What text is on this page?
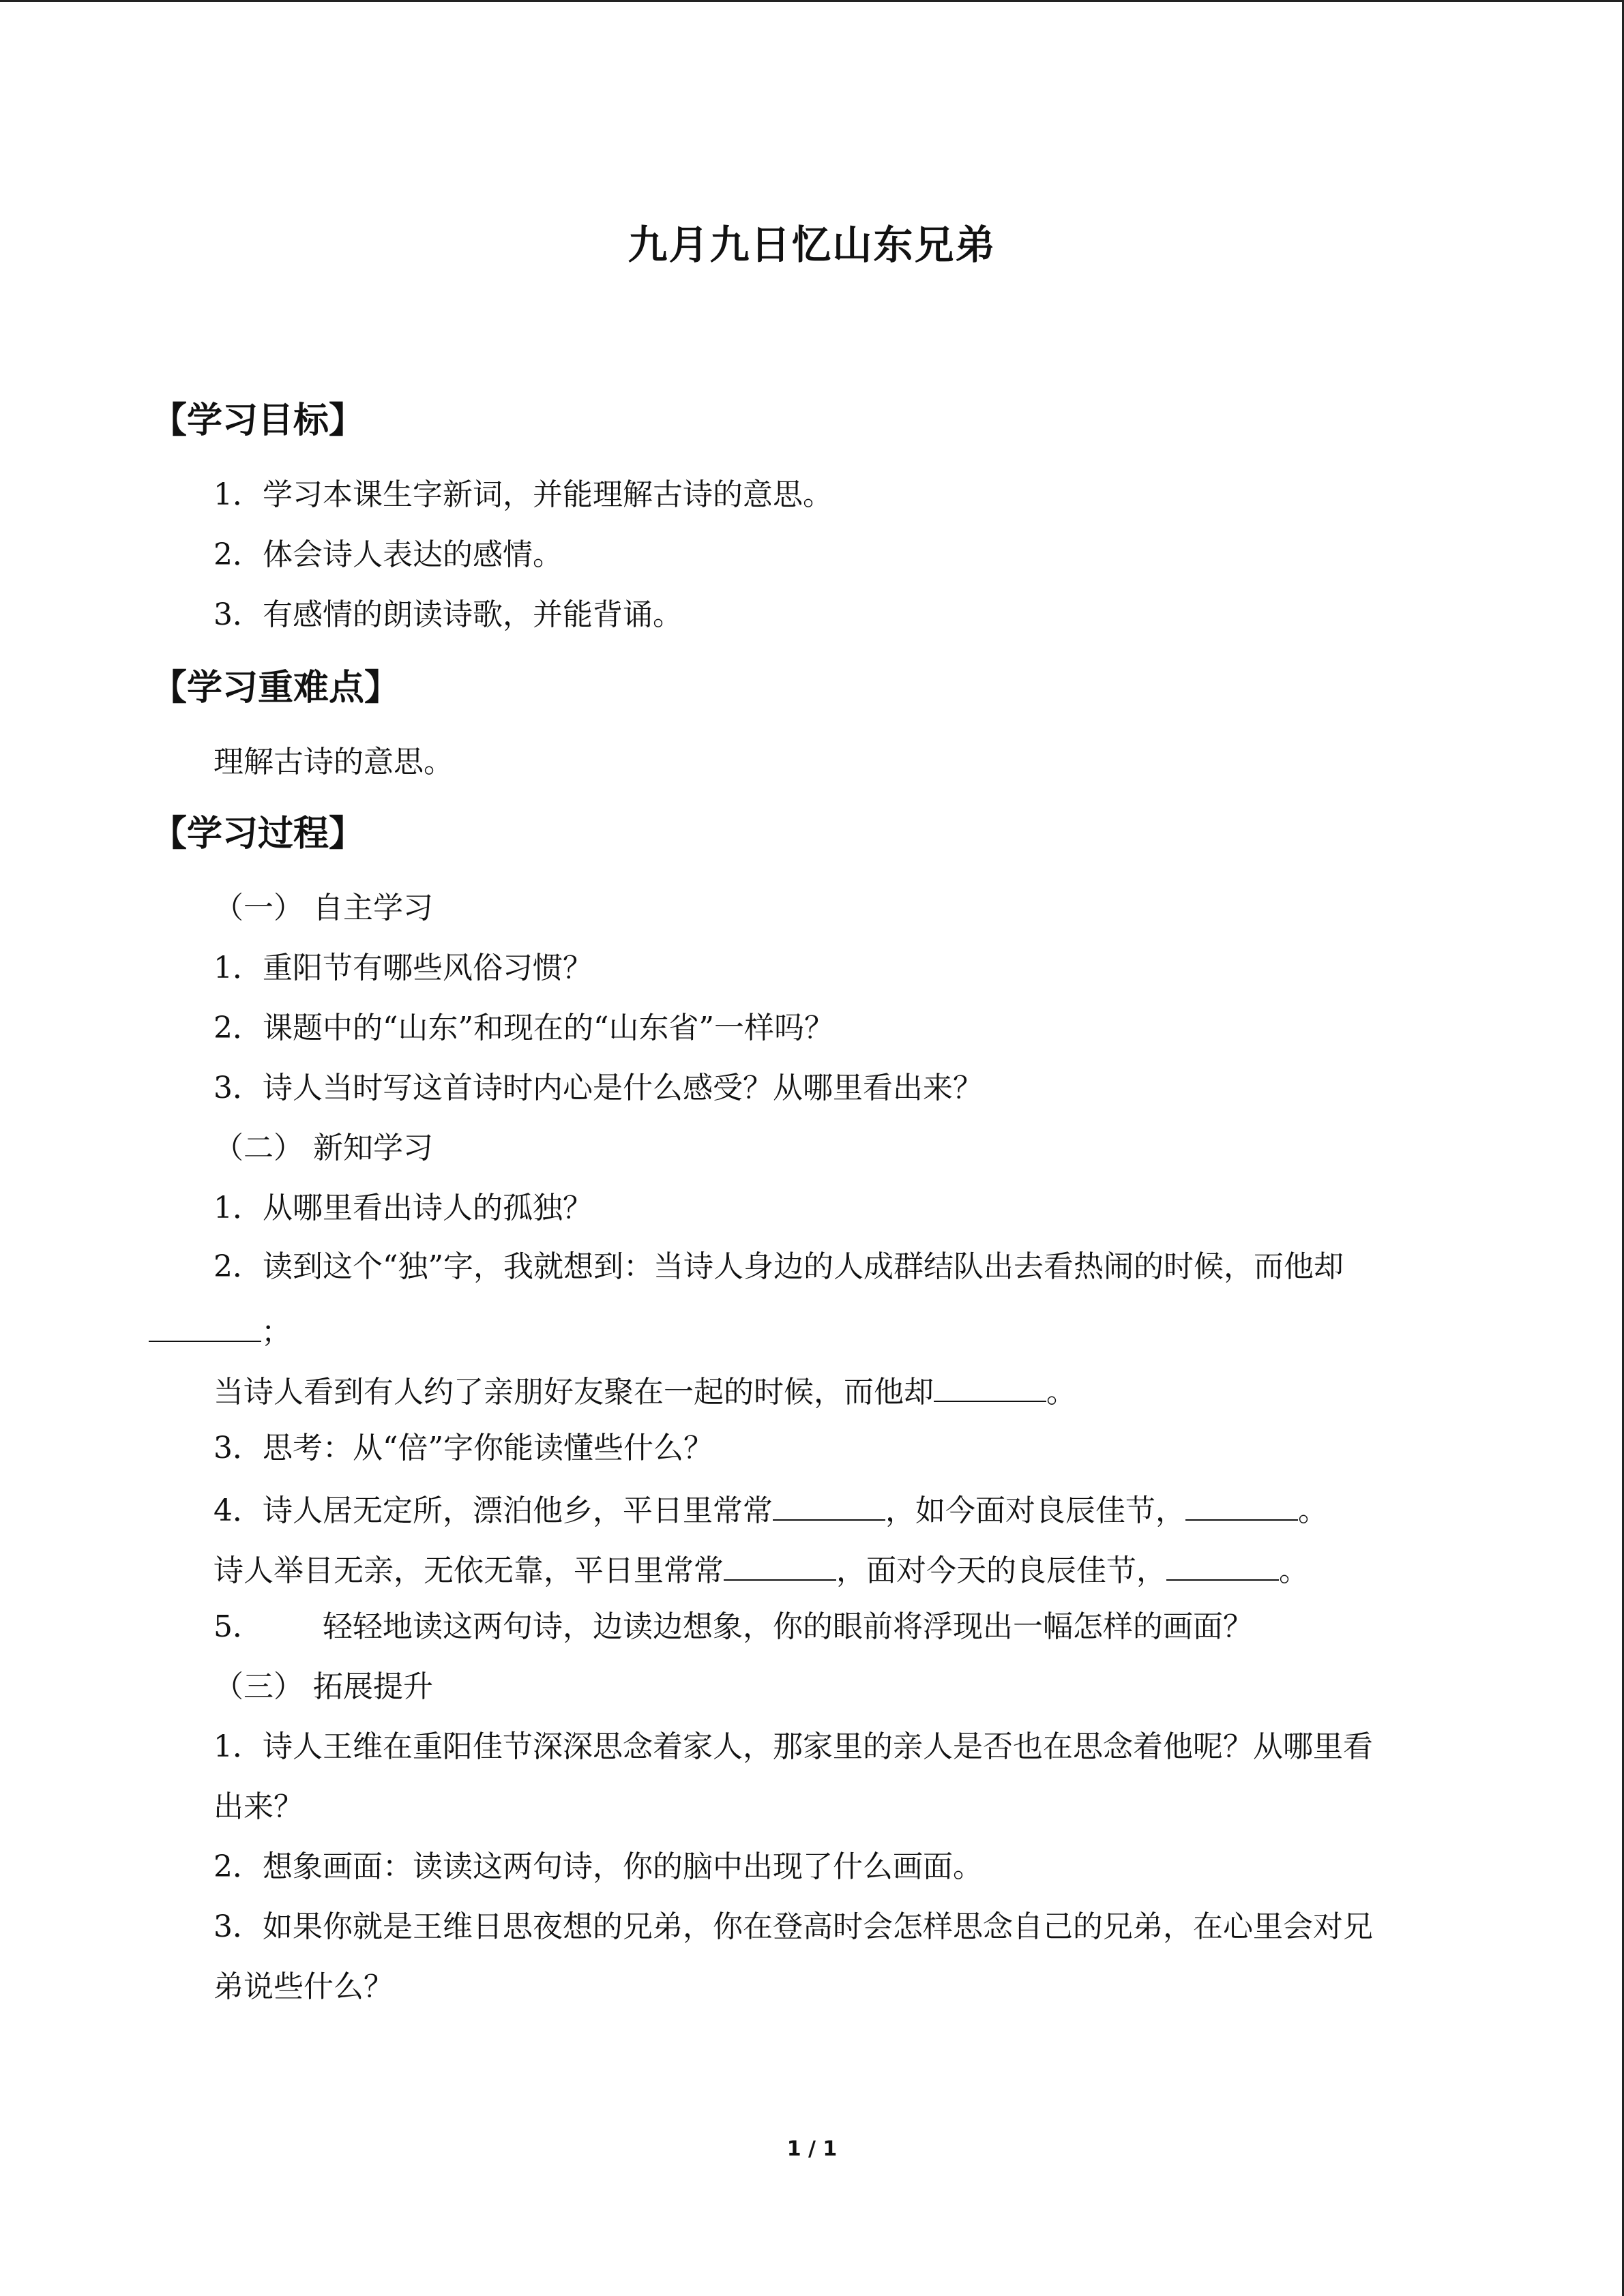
九月九日忆山东兄弟
【学习目标】
1．学习本课生字新词，并能理解古诗的意思。
2．体会诗人表达的感情。
3．有感情的朗读诗歌，并能背诵。
【学习重难点】
理解古诗的意思。
【学习过程】
（一） 自主学习
1．重阳节有哪些风俗习惯？
2．课题中的“山东”和现在的“山东省”一样吗？
3．诗人当时写这首诗时内心是什么感受？从哪里看出来？
（二） 新知学习
1．从哪里看出诗人的孤独？
2．读到这个“独”字，我就想到：当诗人身边的人成群结队出去看热闹的时候，而他却
；
当诗人看到有人约了亲朋好友聚在一起的时候，而他却	。
3．思考：从“倍”字你能读懂些什么？
4．诗人居无定所，漂泊他乡，平日里常常	，如今面对良辰佳节，	。
诗人举目无亲，无依无靠，平日里常常	，面对今天的良辰佳节，	。
5． 轻轻地读这两句诗，边读边想象，你的眼前将浮现出一幅怎样的画面？
（三） 拓展提升
1．诗人王维在重阳佳节深深思念着家人，那家里的亲人是否也在思念着他呢？从哪里看
出来？
2．想象画面：读读这两句诗，你的脑中出现了什么画面。
3．如果你就是王维日思夜想的兄弟，你在登高时会怎样思念自己的兄弟，在心里会对兄
弟说些什么？
1 / 1
